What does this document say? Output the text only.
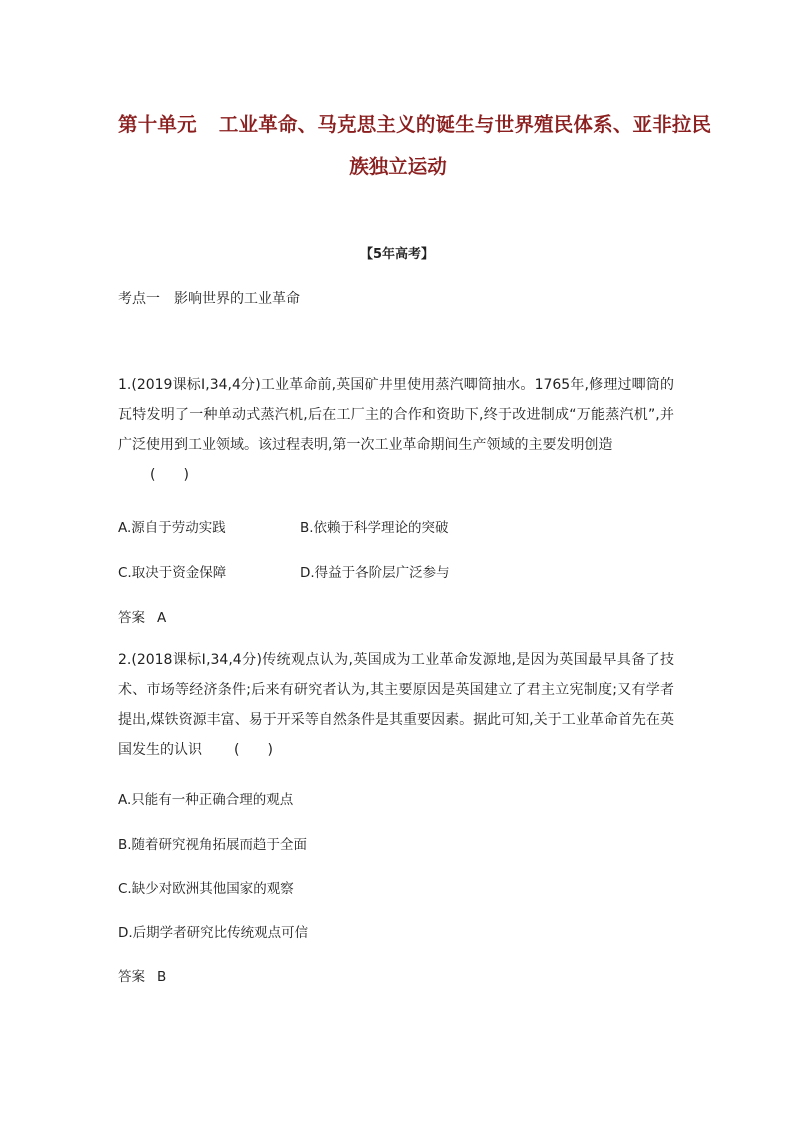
第十单元 工业革命、马克思主义的诞生与世界殖民体系、亚非拉民
族独立运动
【5年高考】
考点一 影响世界的工业革命
1.(2019课标Ⅰ,34,4分)工业革命前,英国矿井里使用蒸汽唧筒抽水。1765年,修理过唧筒的瓦特发明了一种单动式蒸汽机,后在工厂主的合作和资助下,终于改进制成“万能蒸汽机”,并广泛使用到工业领域。该过程表明,第一次工业革命期间生产领域的主要发明创造
(　　)
A.源自于劳动实践	B.依赖于科学理论的突破
C.取决于资金保障	D.得益于各阶层广泛参与
答案 A
2.(2018课标Ⅰ,34,4分)传统观点认为,英国成为工业革命发源地,是因为英国最早具备了技术、市场等经济条件;后来有研究者认为,其主要原因是英国建立了君主立宪制度;又有学者提出,煤铁资源丰富、易于开采等自然条件是其重要因素。据此可知,关于工业革命首先在英国发生的认识 (　　)
A.只能有一种正确合理的观点
B.随着研究视角拓展而趋于全面
C.缺少对欧洲其他国家的观察
D.后期学者研究比传统观点可信
答案 B
